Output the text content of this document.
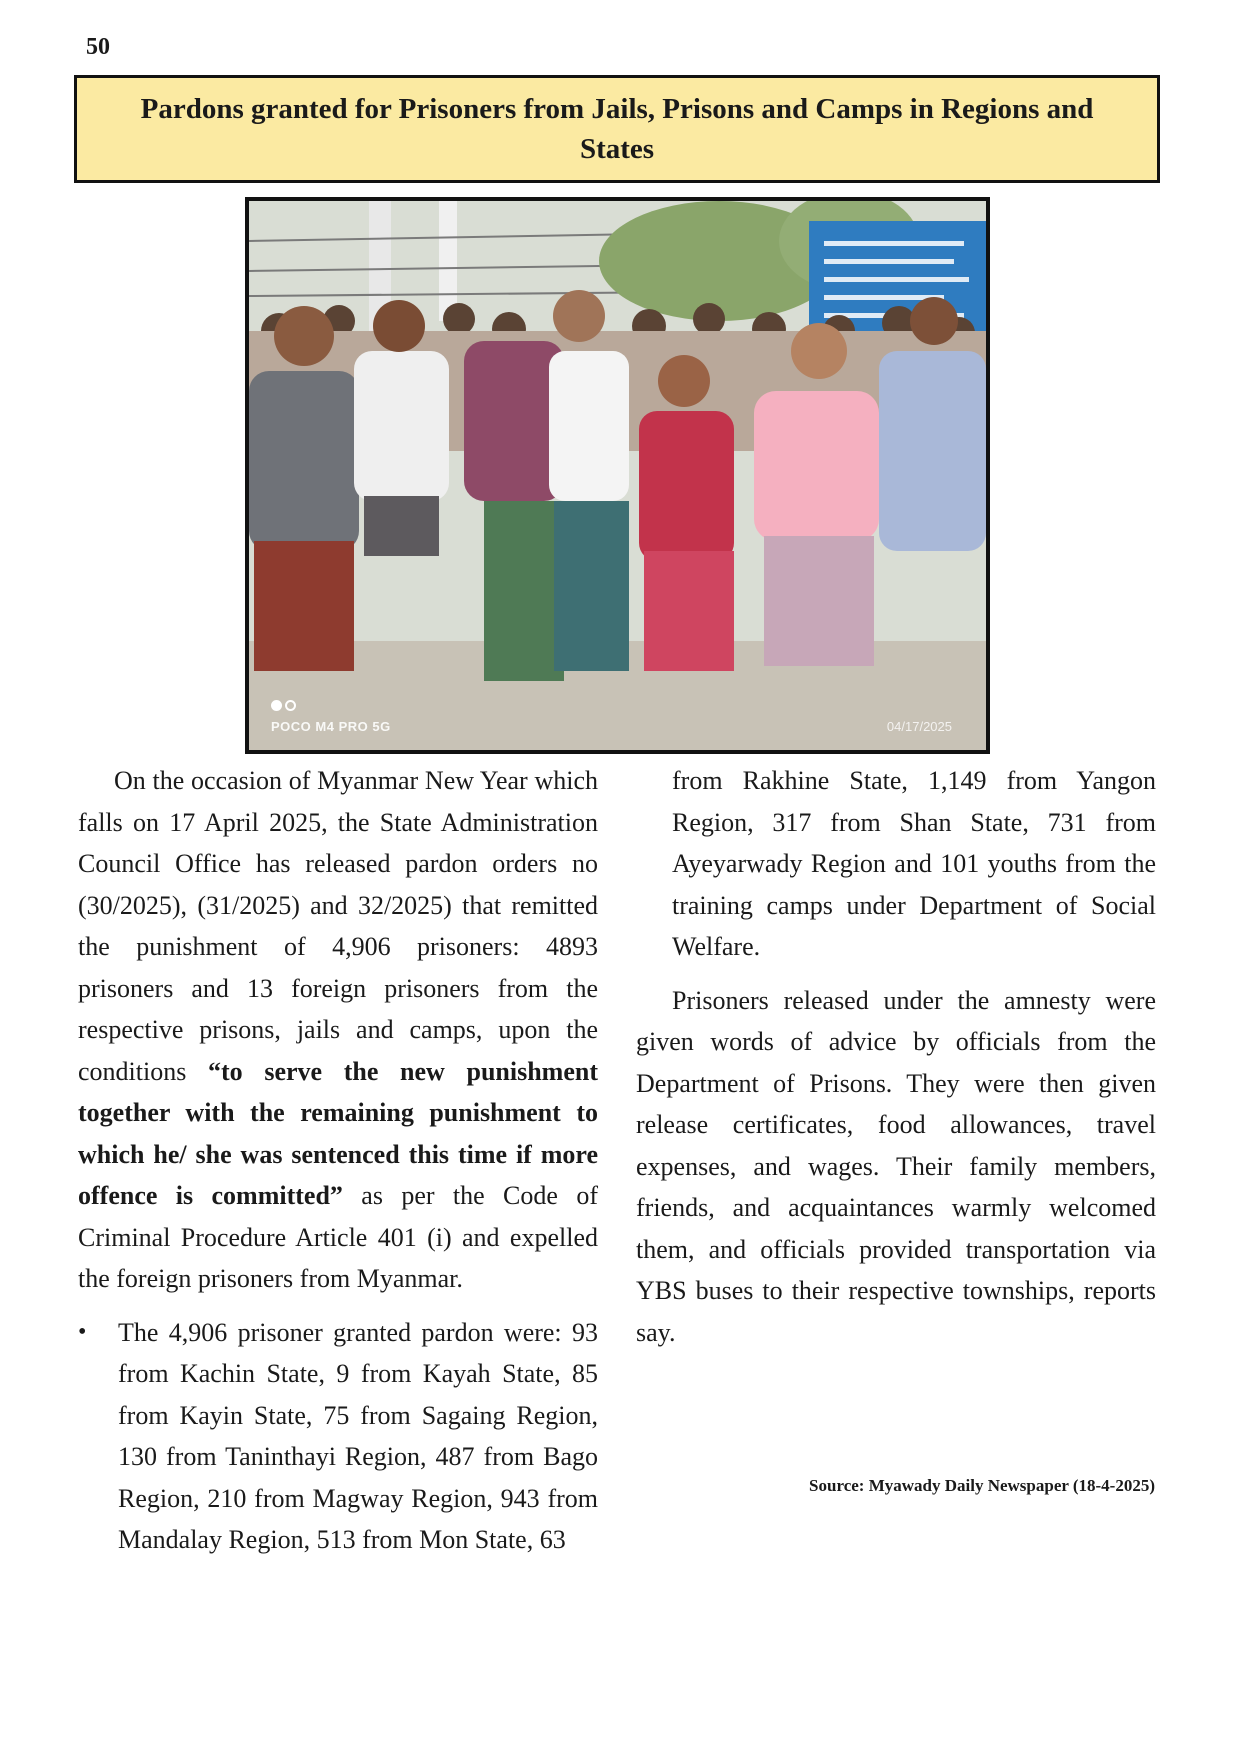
50
Pardons granted for Prisoners from Jails, Prisons and Camps in Regions and States
POCO M4 PRO 5G	04/17/2025

On the occasion of Myanmar New Year which falls on 17 April 2025, the State Administration Council Office has released pardon orders no (30/2025), (31/2025) and 32/2025) that remitted the punishment of 4,906 prisoners: 4893 prisoners and 13 foreign prisoners from the respective prisons, jails and camps, upon the conditions “to serve the new punishment together with the remaining punishment to which he/ she was sentenced this time if more offence is committed” as per the Code of Criminal Procedure Article 401 (i) and expelled the foreign prisoners from Myanmar.

• The 4,906 prisoner granted pardon were: 93 from Kachin State, 9 from Kayah State, 85 from Kayin State, 75 from Sagaing Region, 130 from Taninthayi Region, 487 from Bago Region, 210 from Magway Region, 943 from Mandalay Region, 513 from Mon State, 63

from Rakhine State, 1,149 from Yangon Region, 317 from Shan State, 731 from Ayeyarwady Region and 101 youths from the training camps under Department of Social Welfare.

Prisoners released under the amnesty were given words of advice by officials from the Department of Prisons. They were then given release certificates, food allowances, travel expenses, and wages. Their family members, friends, and acquaintances warmly welcomed them, and officials provided transportation via YBS buses to their respective townships, reports say.

Source: Myawady Daily Newspaper (18-4-2025)
